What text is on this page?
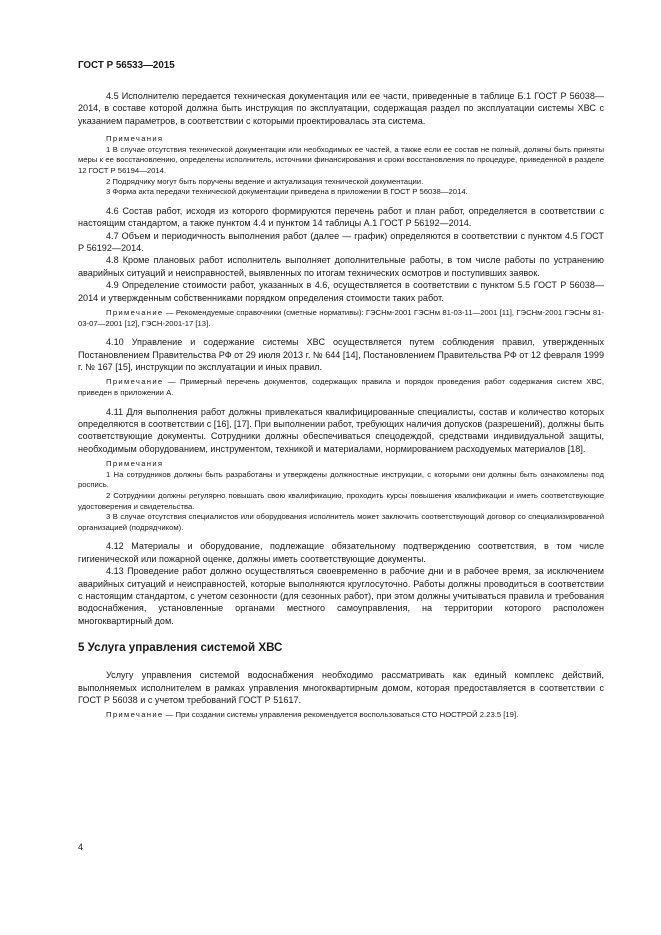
ГОСТ Р 56533—2015

4.5 Исполнителю передается техническая документация или ее части, приведенные в таблице Б.1 ГОСТ Р 56038—2014, в составе которой должна быть инструкция по эксплуатации, содержащая раздел по эксплуатации системы ХВС с указанием параметров, в соответствии с которыми проектировалась эта система.

Примечания

1 В случае отсутствия технической документации или необходимых ее частей, а также если ее состав не полный, должны быть приняты меры к ее восстановлению, определены исполнитель, источники финансирования и сроки восстановления по процедуре, приведенной в разделе 12 ГОСТ Р 56194—2014.

2 Подрядчику могут быть поручены ведение и актуализация технической документации.

3 Форма акта передачи технической документации приведена в приложении В ГОСТ Р 56038—2014.

4.6 Состав работ, исходя из которого формируются перечень работ и план работ, определяется в соответствии с настоящим стандартом, а также пунктом 4.4 и пунктом 14 таблицы А.1 ГОСТ Р 56192—2014.

4.7 Объем и периодичность выполнения работ (далее — график) определяются в соответствии с пунктом 4.5 ГОСТ Р 56192—2014.

4.8 Кроме плановых работ исполнитель выполняет дополнительные работы, в том числе работы по устранению аварийных ситуаций и неисправностей, выявленных по итогам технических осмотров и поступивших заявок.

4.9 Определение стоимости работ, указанных в 4.6, осуществляется в соответствии с пунктом 5.5 ГОСТ Р 56038—2014 и утвержденным собственниками порядком определения стоимости таких работ.

Примечание — Рекомендуемые справочники (сметные нормативы): ГЭСНм-2001 ГЭСНм 81-03-11—2001 [11], ГЭСНм-2001 ГЭСНм 81-03-07—2001 [12], ГЭСН-2001-17 [13].

4.10 Управление и содержание системы ХВС осуществляется путем соблюдения правил, утвержденных Постановлением Правительства РФ от 29 июля 2013 г. № 644 [14], Постановлением Правительства РФ от 12 февраля 1999 г. № 167 [15], инструкции по эксплуатации и иных правил.

Примечание — Примерный перечень документов, содержащих правила и порядок проведения работ содержания систем ХВС, приведен в приложении А.

4.11 Для выполнения работ должны привлекаться квалифицированные специалисты, состав и количество которых определяются в соответствии с [16], [17]. При выполнении работ, требующих наличия допусков (разрешений), должны быть соответствующие документы. Сотрудники должны обеспечиваться спецодеждой, средствами индивидуальной защиты, необходимым оборудованием, инструментом, техникой и материалами, нормированием расходуемых материалов [18].

Примечания

1 На сотрудников должны быть разработаны и утверждены должностные инструкции, с которыми они должны быть ознакомлены под роспись.

2 Сотрудники должны регулярно повышать свою квалификацию, проходить курсы повышения квалификации и иметь соответствующие удостоверения и свидетельства.

3 В случае отсутствия специалистов или оборудования исполнитель может заключить соответствующий договор со специализированной организацией (подрядчиком).

4.12 Материалы и оборудование, подлежащие обязательному подтверждению соответствия, в том числе гигиенической или пожарной оценке, должны иметь соответствующие документы.

4.13 Проведение работ должно осуществляться своевременно в рабочие дни и в рабочее время, за исключением аварийных ситуаций и неисправностей, которые выполняются круглосуточно. Работы должны проводиться в соответствии с настоящим стандартом, с учетом сезонности (для сезонных работ), при этом должны учитываться правила и требования водоснабжения, установленные органами местного самоуправления, на территории которого расположен многоквартирный дом.

5 Услуга управления системой ХВС

Услугу управления системой водоснабжения необходимо рассматривать как единый комплекс действий, выполняемых исполнителем в рамках управления многоквартирным домом, которая предоставляется в соответствии с ГОСТ Р 56038 и с учетом требований ГОСТ Р 51617.

Примечание — При создании системы управления рекомендуется воспользоваться СТО НОСТРОЙ 2.23.5 [19].

4
